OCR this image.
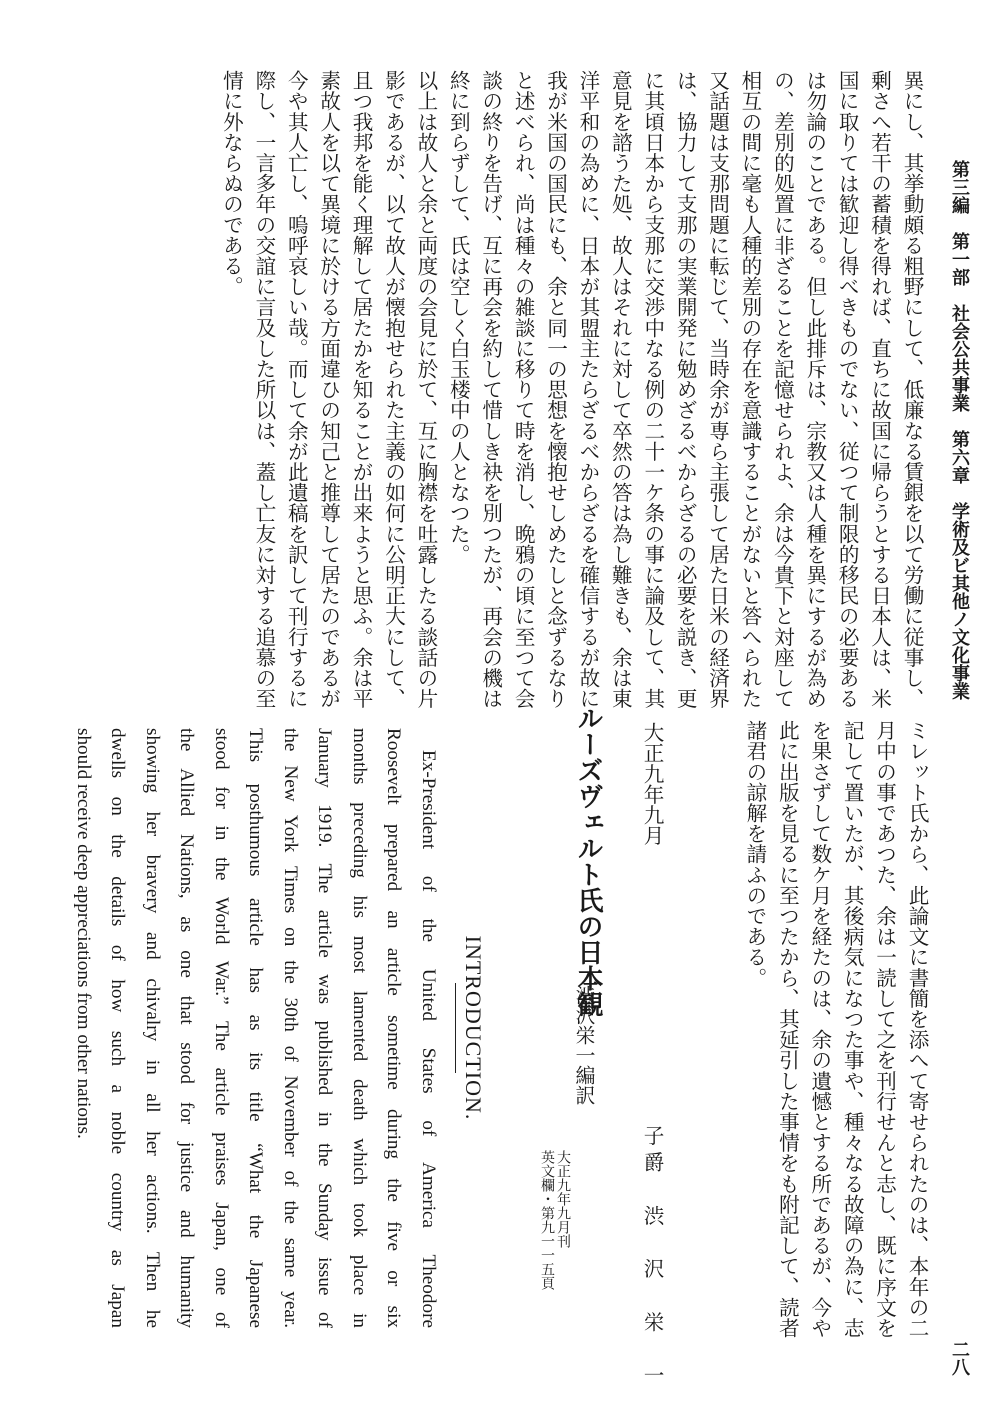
第三編　第一部　社会公共事業　第六章　学術及ビ其他ノ文化事業
二八

異にし、其挙動頗る粗野にして、低廉なる賃銀を以て労働に従事し、

剰さへ若干の蓄積を得れば、直ちに故国に帰らうとする日本人は、米

国に取りては歓迎し得べきものでない、従つて制限的移民の必要ある

は勿論のことである。但し此排斥は、宗教又は人種を異にするが為め

の、差別的処置に非ざることを記憶せられよ、余は今貴下と対座して

相互の間に毫も人種的差別の存在を意識することがないと答へられた

又話題は支那問題に転じて、当時余が専ら主張して居た日米の経済界

は、協力して支那の実業開発に勉めざるべからざるの必要を説き、更

に其頃日本から支那に交渉中なる例の二十一ケ条の事に論及して、其

意見を諮うた処、故人はそれに対して卒然の答は為し難きも、余は東

洋平和の為めに、日本が其盟主たらざるべからざるを確信するが故に

我が米国の国民にも、余と同一の思想を懐抱せしめたしと念ずるなり

と述べられ、尚は種々の雑談に移りて時を消し、晩鴉の頃に至つて会

談の終りを告げ、互に再会を約して惜しき袂を別つたが、再会の機は

終に到らずして、氏は空しく白玉楼中の人となつた。

以上は故人と余と両度の会見に於て、互に胸襟を吐露したる談話の片

影であるが、以て故人が懐抱せられた主義の如何に公明正大にして、

且つ我邦を能く理解して居たかを知ることが出来ようと思ふ。余は平

素故人を以て異境に於ける方面違ひの知己と推尊して居たのであるが

今や其人亡し、嗚呼哀しい哉。而して余が此遺稿を訳して刊行するに

際し、一言多年の交誼に言及した所以は、蓋し亡友に対する追慕の至

情に外ならぬのである。

ミレット氏から、此論文に書簡を添へて寄せられたのは、本年の二

月中の事であつた、余は一読して之を刊行せんと志し、既に序文を

記して置いたが、其後病気になつた事や、種々なる故障の為に、志

を果さずして数ケ月を経たのは、余の遺憾とする所であるが、今や

此に出版を見るに至つたから、其延引した事情をも附記して、読者

諸君の諒解を請ふのである。

大正九年九月
子爵　渋　沢　栄　一
ルーズヴェルト氏の日本観
渋沢栄一編訳
英文欄・第九一一五頁 大正九年九月刊
INTRODUCTION.

Ex-President of the United States of America Theodore

Roosevelt prepared an article sometime during the five or six

months preceding his most lamented death which took place in

January 1919. The article was published in the Sunday issue of

the New York Times on the 30th of November of the same year.

This posthumous article has as its title “What the Japanese

stood for in the World War.” The article praises Japan, one of

the Allied Nations, as one that stood for justice and humanity

showing her bravery and chivalry in all her actions. Then he

dwells on the details of how such a noble country as Japan

should receive deep appreciations from other nations.
